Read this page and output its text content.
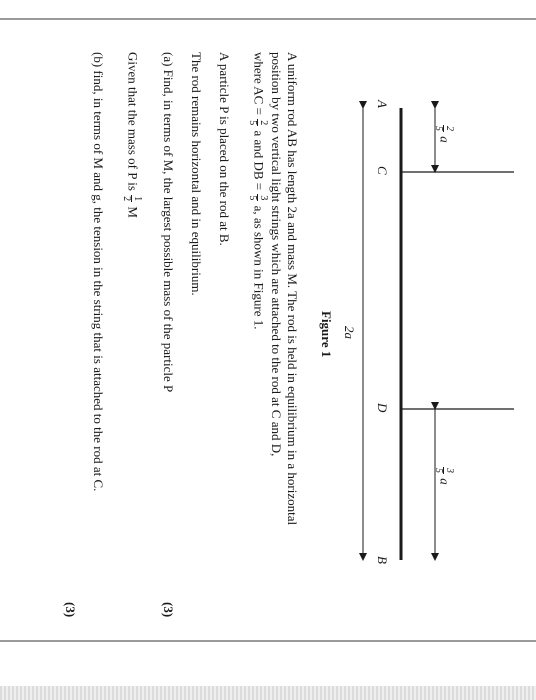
A
C
D
B
2
5
a
3
5
a
2a
Figure 1
A uniform rod AB has length 2a and mass M. The rod is held in equilibrium in a horizontal
position by two vertical light strings which are attached to the rod at C and D,
where AC =
2
5
a and DB =
3
5
a, as shown in Figure 1.
A particle P is placed on the rod at B.
The rod remains horizontal and in equilibrium.
(a) Find, in terms of M, the largest possible mass of the particle P
(3)
Given that the mass of P is
1
2
M
(b) find, in terms of M and g, the tension in the string that is attached to the rod at C.
(3)
